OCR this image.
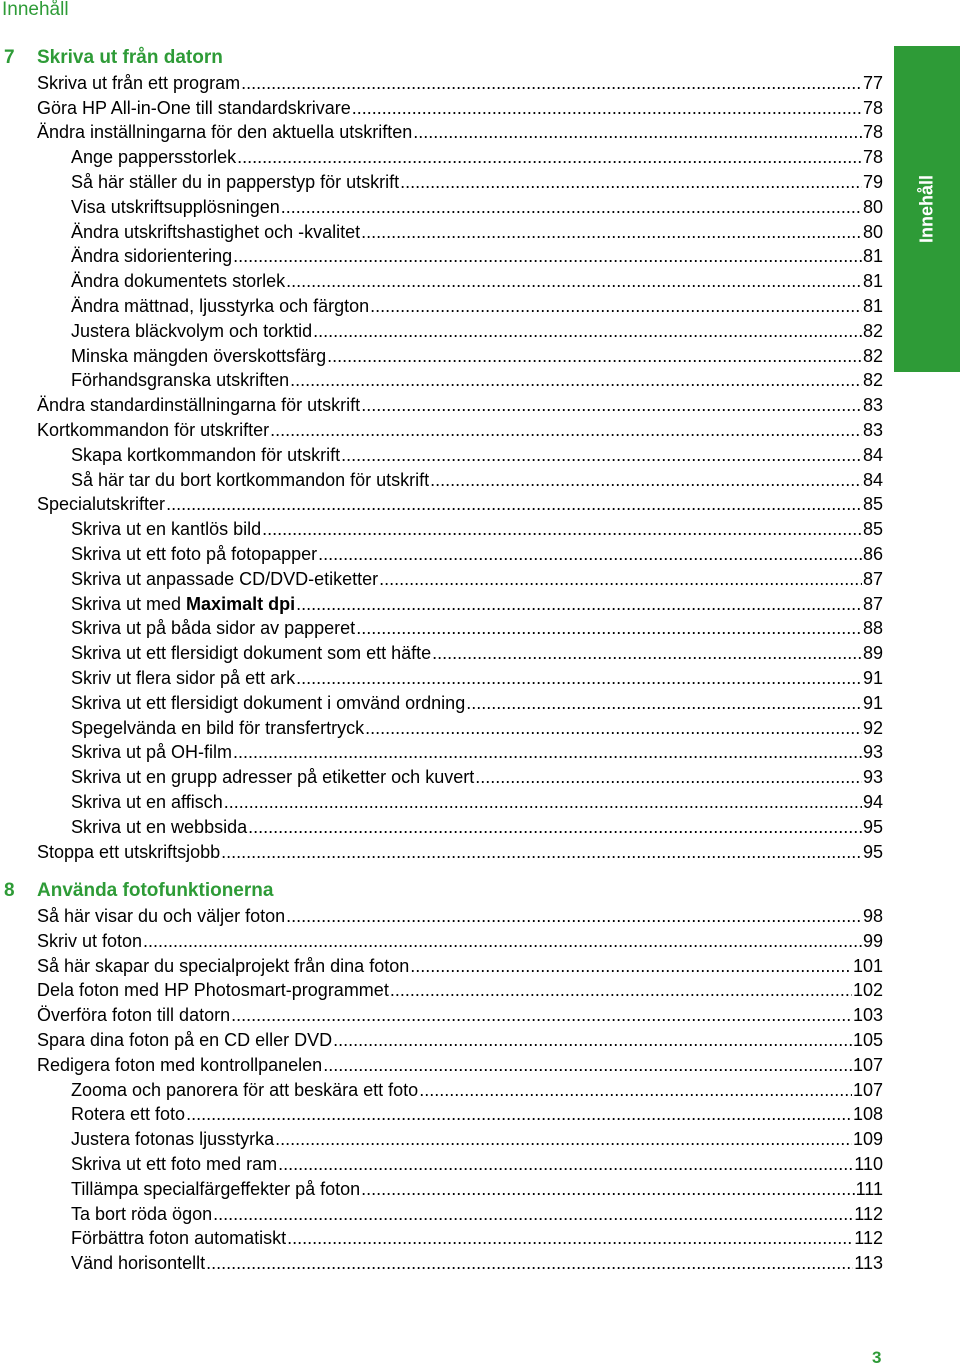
Innehåll
Innehåll
7 Skriva ut från datorn
Skriva ut från ett program .....	77
Göra HP All-in-One till standardskrivare .....	78
Ändra inställningarna för den aktuella utskriften .....	78
Ange pappersstorlek .....	78
Så här ställer du in papperstyp för utskrift .....	79
Visa utskriftsupplösningen .....	80
Ändra utskriftshastighet och -kvalitet .....	80
Ändra sidorientering .....	81
Ändra dokumentets storlek .....	81
Ändra mättnad, ljusstyrka och färgton .....	81
Justera bläckvolym och torktid .....	82
Minska mängden överskottsfärg .....	82
Förhandsgranska utskriften .....	82
Ändra standardinställningarna för utskrift .....	83
Kortkommandon för utskrifter .....	83
Skapa kortkommandon för utskrift .....	84
Så här tar du bort kortkommandon för utskrift .....	84
Specialutskrifter .....	85
Skriva ut en kantlös bild .....	85
Skriva ut ett foto på fotopapper .....	86
Skriva ut anpassade CD/DVD-etiketter .....	87
Skriva ut med Maximalt dpi .....	87
Skriva ut på båda sidor av papperet .....	88
Skriva ut ett flersidigt dokument som ett häfte .....	89
Skriv ut flera sidor på ett ark .....	91
Skriva ut ett flersidigt dokument i omvänd ordning .....	91
Spegelvända en bild för transfertryck .....	92
Skriva ut på OH-film .....	93
Skriva ut en grupp adresser på etiketter och kuvert .....	93
Skriva ut en affisch .....	94
Skriva ut en webbsida .....	95
Stoppa ett utskriftsjobb .....	95
8 Använda fotofunktionerna
Så här visar du och väljer foton .....	98
Skriv ut foton .....	99
Så här skapar du specialprojekt från dina foton .....	101
Dela foton med HP Photosmart-programmet .....	102
Överföra foton till datorn .....	103
Spara dina foton på en CD eller DVD .....	105
Redigera foton med kontrollpanelen .....	107
Zooma och panorera för att beskära ett foto .....	107
Rotera ett foto .....	108
Justera fotonas ljusstyrka .....	109
Skriva ut ett foto med ram .....	110
Tillämpa specialfärgeffekter på foton .....	111
Ta bort röda ögon .....	112
Förbättra foton automatiskt .....	112
Vänd horisontellt .....	113
3
